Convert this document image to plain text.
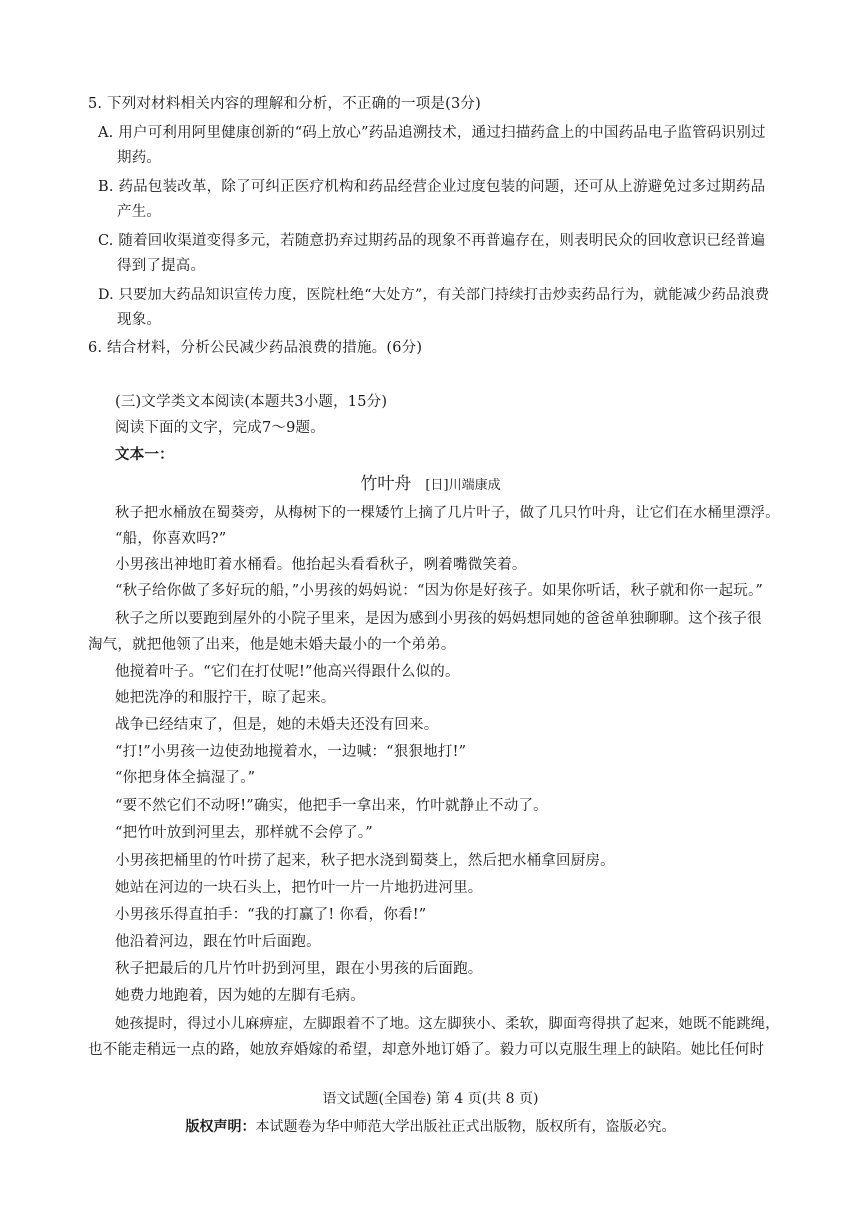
5. 下列对材料相关内容的理解和分析，不正确的一项是(3分)
A. 用户可利用阿里健康创新的“码上放心”药品追溯技术，通过扫描药盒上的中国药品电子监管码识别过
期药。
B. 药品包装改革，除了可纠正医疗机构和药品经营企业过度包装的问题，还可从上游避免过多过期药品
产生。
C. 随着回收渠道变得多元，若随意扔弃过期药品的现象不再普遍存在，则表明民众的回收意识已经普遍
得到了提高。
D. 只要加大药品知识宣传力度，医院杜绝“大处方”，有关部门持续打击炒卖药品行为，就能减少药品浪费
现象。
6. 结合材料，分析公民减少药品浪费的措施。(6分)
(三)文学类文本阅读(本题共3小题，15分)
阅读下面的文字，完成7～9题。
文本一：
竹叶舟 [日]川端康成
秋子把水桶放在蜀葵旁，从梅树下的一棵矮竹上摘了几片叶子，做了几只竹叶舟，让它们在水桶里漂浮。
“船，你喜欢吗?”
小男孩出神地盯着水桶看。他抬起头看看秋子，咧着嘴微笑着。
“秋子给你做了多好玩的船，”小男孩的妈妈说：“因为你是好孩子。如果你听话，秋子就和你一起玩。”
秋子之所以要跑到屋外的小院子里来，是因为感到小男孩的妈妈想同她的爸爸单独聊聊。这个孩子很
淘气，就把他领了出来，他是她未婚夫最小的一个弟弟。
他搅着叶子。“它们在打仗呢!”他高兴得跟什么似的。
她把洗净的和服拧干，晾了起来。
战争已经结束了，但是，她的未婚夫还没有回来。
“打!”小男孩一边使劲地搅着水，一边喊：“狠狠地打!”
“你把身体全搞湿了。”
“要不然它们不动呀!”确实，他把手一拿出来，竹叶就静止不动了。
“把竹叶放到河里去，那样就不会停了。”
小男孩把桶里的竹叶捞了起来，秋子把水浇到蜀葵上，然后把水桶拿回厨房。
她站在河边的一块石头上，把竹叶一片一片地扔进河里。
小男孩乐得直拍手：“我的打赢了! 你看，你看!”
他沿着河边，跟在竹叶后面跑。
秋子把最后的几片竹叶扔到河里，跟在小男孩的后面跑。
她费力地跑着，因为她的左脚有毛病。
她孩提时，得过小儿麻痹症，左脚跟着不了地。这左脚狭小、柔软，脚面弯得拱了起来，她既不能跳绳，
也不能走稍远一点的路，她放弃婚嫁的希望，却意外地订婚了。毅力可以克服生理上的缺陷。她比任何时
语文试题(全国卷) 第 4 页(共 8 页)
版权声明：本试题卷为华中师范大学出版社正式出版物，版权所有，盗版必究。
